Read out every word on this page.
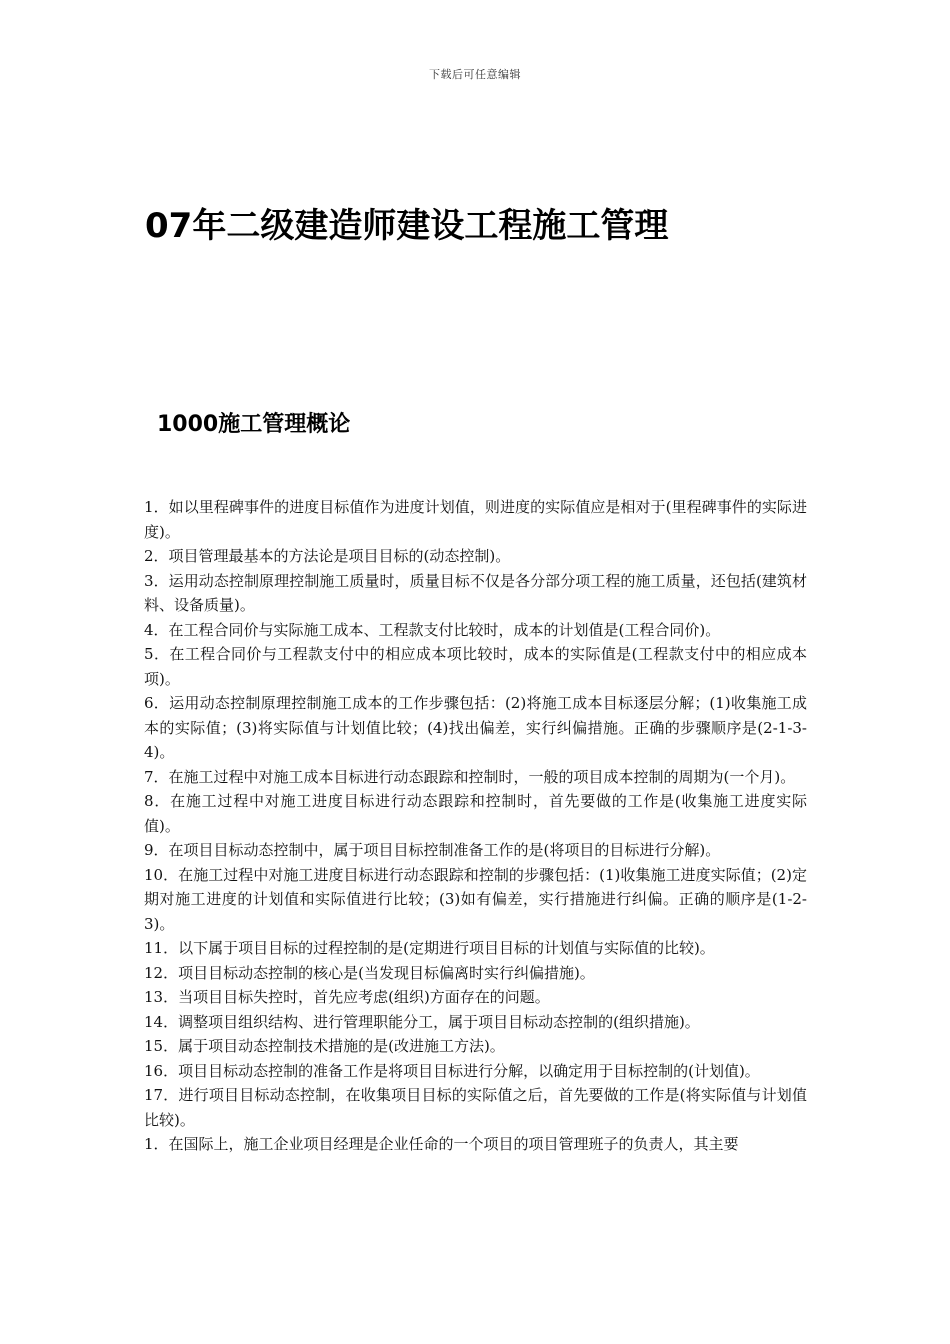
下载后可任意编辑
07年二级建造师建设工程施工管理
1000施工管理概论
1．如以里程碑事件的进度目标值作为进度计划值，则进度的实际值应是相对于(里程碑事件的实际进度)。
2．项目管理最基本的方法论是项目目标的(动态控制)。
3．运用动态控制原理控制施工质量时，质量目标不仅是各分部分项工程的施工质量，还包括(建筑材料、设备质量)。
4．在工程合同价与实际施工成本、工程款支付比较时，成本的计划值是(工程合同价)。
5．在工程合同价与工程款支付中的相应成本项比较时，成本的实际值是(工程款支付中的相应成本项)。
6．运用动态控制原理控制施工成本的工作步骤包括：(2)将施工成本目标逐层分解；(1)收集施工成本的实际值；(3)将实际值与计划值比较；(4)找出偏差，实行纠偏措施。正确的步骤顺序是(2-1-3-4)。
7．在施工过程中对施工成本目标进行动态跟踪和控制时，一般的项目成本控制的周期为(一个月)。
8．在施工过程中对施工进度目标进行动态跟踪和控制时，首先要做的工作是(收集施工进度实际值)。
9．在项目目标动态控制中，属于项目目标控制准备工作的是(将项目的目标进行分解)。
10．在施工过程中对施工进度目标进行动态跟踪和控制的步骤包括：(1)收集施工进度实际值；(2)定期对施工进度的计划值和实际值进行比较；(3)如有偏差，实行措施进行纠偏。正确的顺序是(1-2-3)。
11．以下属于项目目标的过程控制的是(定期进行项目目标的计划值与实际值的比较)。
12．项目目标动态控制的核心是(当发现目标偏离时实行纠偏措施)。
13．当项目目标失控时，首先应考虑(组织)方面存在的问题。
14．调整项目组织结构、进行管理职能分工，属于项目目标动态控制的(组织措施)。
15．属于项目动态控制技术措施的是(改进施工方法)。
16．项目目标动态控制的准备工作是将项目目标进行分解，以确定用于目标控制的(计划值)。
17．进行项目目标动态控制，在收集项目目标的实际值之后，首先要做的工作是(将实际值与计划值比较)。
1．在国际上，施工企业项目经理是企业任命的一个项目的项目管理班子的负责人，其主要
